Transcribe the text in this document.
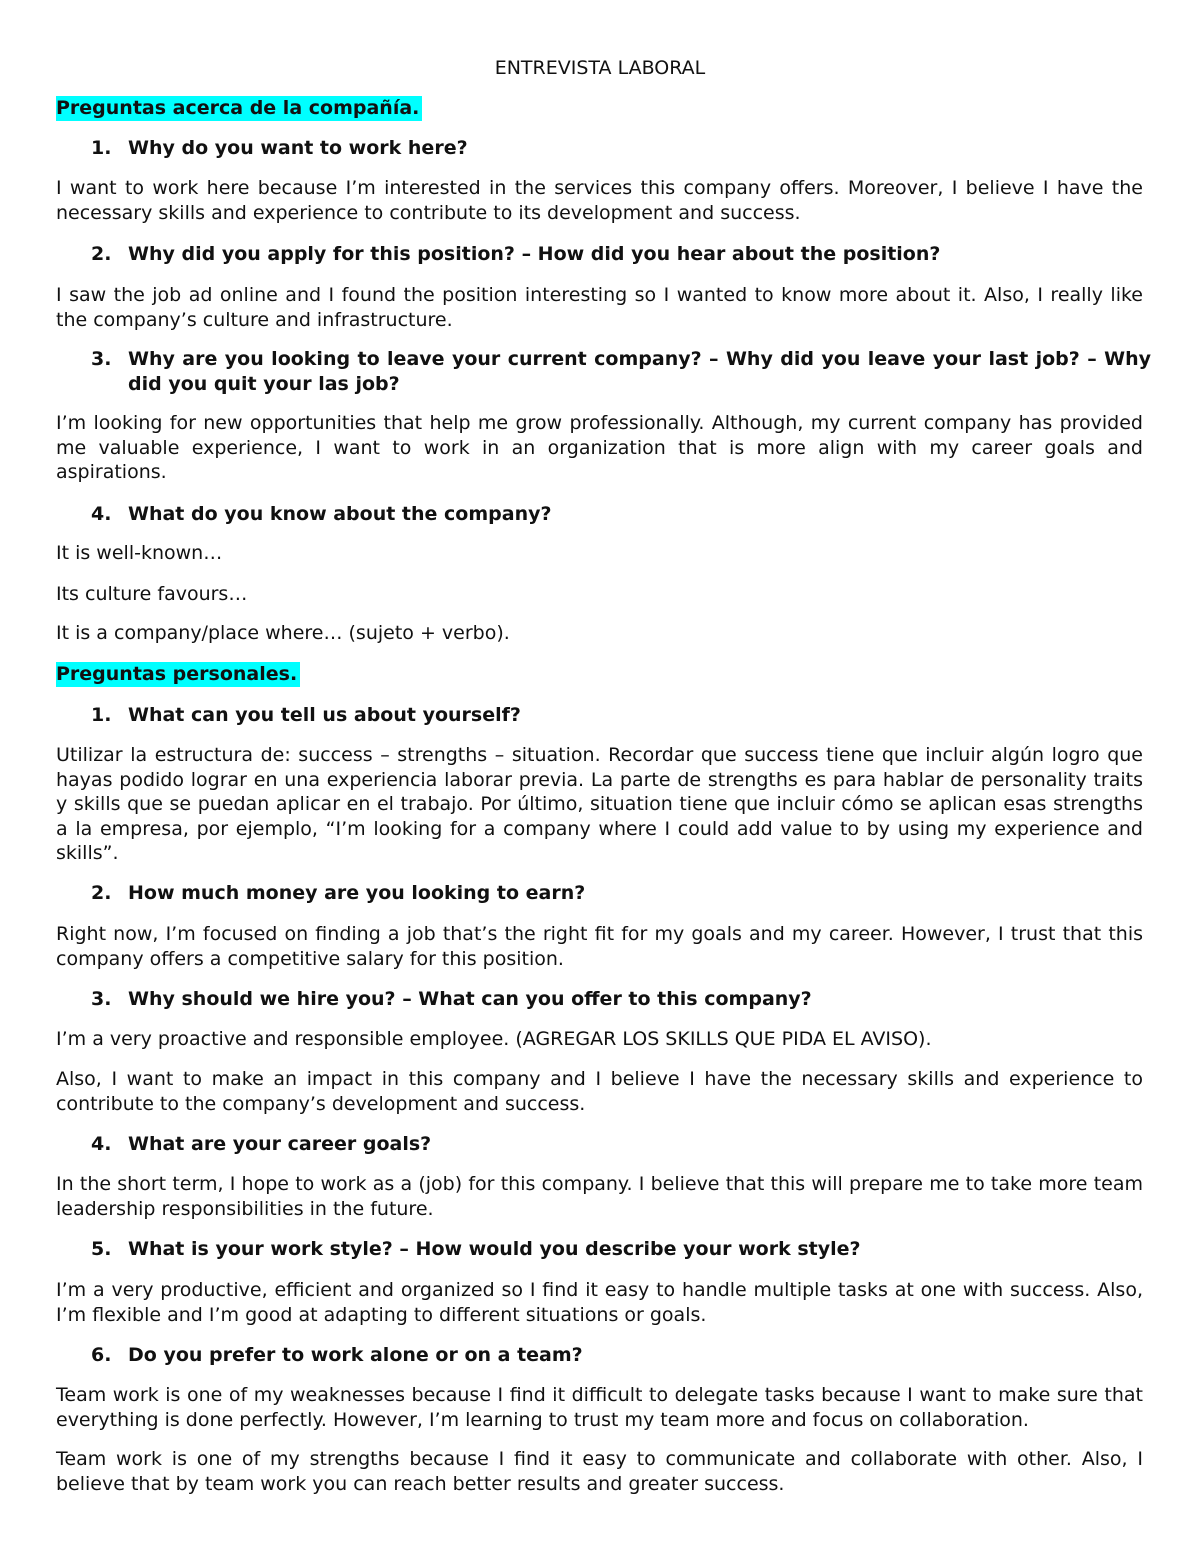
ENTREVISTA LABORAL
Preguntas acerca de la compañía.
1. Why do you want to work here?
I want to work here because I’m interested in the services this company offers. Moreover, I believe I have the necessary skills and experience to contribute to its development and success.
2. Why did you apply for this position? – How did you hear about the position?
I saw the job ad online and I found the position interesting so I wanted to know more about it. Also, I really like the company’s culture and infrastructure.
3. Why are you looking to leave your current company? – Why did you leave your last job? – Why did you quit your las job?
I’m looking for new opportunities that help me grow professionally. Although, my current company has provided me valuable experience, I want to work in an organization that is more align with my career goals and aspirations.
4. What do you know about the company?
It is well-known…
Its culture favours…
It is a company/place where… (sujeto + verbo).
Preguntas personales.
1. What can you tell us about yourself?
Utilizar la estructura de: success – strengths – situation. Recordar que success tiene que incluir algún logro que hayas podido lograr en una experiencia laborar previa. La parte de strengths es para hablar de personality traits y skills que se puedan aplicar en el trabajo. Por último, situation tiene que incluir cómo se aplican esas strengths a la empresa, por ejemplo, “I’m looking for a company where I could add value to by using my experience and skills”.
2. How much money are you looking to earn?
Right now, I’m focused on finding a job that’s the right fit for my goals and my career. However, I trust that this company offers a competitive salary for this position.
3. Why should we hire you? – What can you offer to this company?
I’m a very proactive and responsible employee. (AGREGAR LOS SKILLS QUE PIDA EL AVISO).
Also, I want to make an impact in this company and I believe I have the necessary skills and experience to contribute to the company’s development and success.
4. What are your career goals?
In the short term, I hope to work as a (job) for this company. I believe that this will prepare me to take more team leadership responsibilities in the future.
5. What is your work style? – How would you describe your work style?
I’m a very productive, efficient and organized so I find it easy to handle multiple tasks at one with success. Also, I’m flexible and I’m good at adapting to different situations or goals.
6. Do you prefer to work alone or on a team?
Team work is one of my weaknesses because I find it difficult to delegate tasks because I want to make sure that everything is done perfectly. However, I’m learning to trust my team more and focus on collaboration.
Team work is one of my strengths because I find it easy to communicate and collaborate with other. Also, I believe that by team work you can reach better results and greater success.
